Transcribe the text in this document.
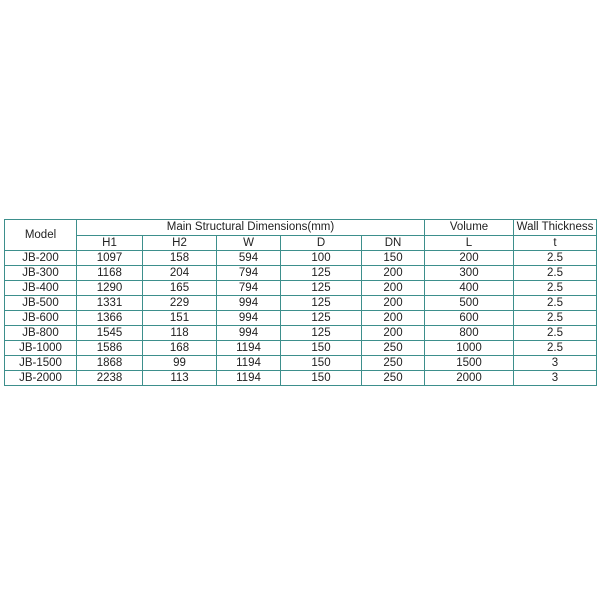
Model	Main Structural Dimensions(mm)					Volume	Wall Thickness
	H1	H2	W	D	DN	L	t
JB-200	1097	158	594	100	150	200	2.5
JB-300	1168	204	794	125	200	300	2.5
JB-400	1290	165	794	125	200	400	2.5
JB-500	1331	229	994	125	200	500	2.5
JB-600	1366	151	994	125	200	600	2.5
JB-800	1545	118	994	125	200	800	2.5
JB-1000	1586	168	1194	150	250	1000	2.5
JB-1500	1868	99	1194	150	250	1500	3
JB-2000	2238	113	1194	150	250	2000	3
